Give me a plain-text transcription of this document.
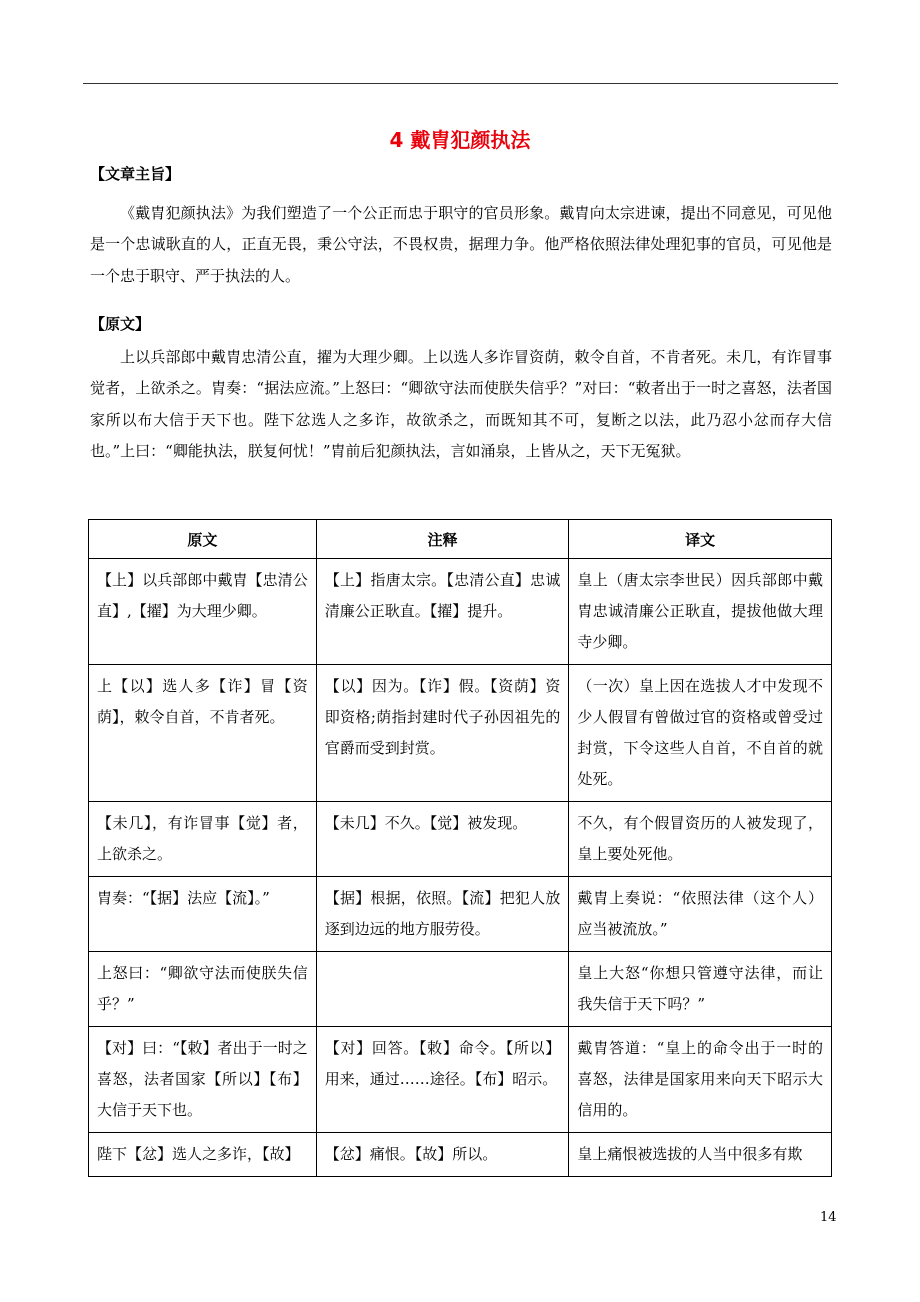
4 戴胄犯颜执法
【文章主旨】
《戴胄犯颜执法》为我们塑造了一个公正而忠于职守的官员形象。戴胄向太宗进谏，提出不同意见，可见他是一个忠诚耿直的人，正直无畏，秉公守法，不畏权贵，据理力争。他严格依照法律处理犯事的官员，可见他是一个忠于职守、严于执法的人。
【原文】
上以兵部郎中戴胄忠清公直，擢为大理少卿。上以选人多诈冒资荫，敕令自首，不肯者死。未几，有诈冒事觉者，上欲杀之。胄奏：“据法应流。”上怒曰：“卿欲守法而使朕失信乎？”对曰：“敕者出于一时之喜怒，法者国家所以布大信于天下也。陛下忿选人之多诈，故欲杀之，而既知其不可，复断之以法，此乃忍小忿而存大信也。”上曰：“卿能执法，朕复何忧！”胄前后犯颜执法，言如涌泉，上皆从之，天下无冤狱。
原文	注释	译文
【上】以兵部郎中戴胄【忠清公直】,【擢】为大理少卿。	【上】指唐太宗。【忠清公直】忠诚清廉公正耿直。【擢】提升。	皇上（唐太宗李世民）因兵部郎中戴胄忠诚清廉公正耿直，提拔他做大理寺少卿。
上【以】选人多【诈】冒【资荫】，敕令自首，不肯者死。	【以】因为。【诈】假。【资荫】资即资格;荫指封建时代子孙因祖先的官爵而受到封赏。	（一次）皇上因在选拔人才中发现不少人假冒有曾做过官的资格或曾受过封赏，下令这些人自首，不自首的就处死。
【未几】，有诈冒事【觉】者，上欲杀之。	【未几】不久。【觉】被发现。	不久，有个假冒资历的人被发现了，皇上要处死他。
胄奏：“【据】法应【流】。”	【据】根据，依照。【流】把犯人放逐到边远的地方服劳役。	戴胄上奏说：“依照法律（这个人）应当被流放。”
上怒曰：“卿欲守法而使朕失信乎？”		皇上大怒“你想只管遵守法律，而让我失信于天下吗？”
【对】曰：“【敕】者出于一时之喜怒，法者国家【所以】【布】大信于天下也。	【对】回答。【敕】命令。【所以】用来，通过……途径。【布】昭示。	戴胄答道：“皇上的命令出于一时的喜怒，法律是国家用来向天下昭示大信用的。
陛下【忿】选人之多诈，【故】	【忿】痛恨。【故】所以。	皇上痛恨被选拔的人当中很多有欺
14
